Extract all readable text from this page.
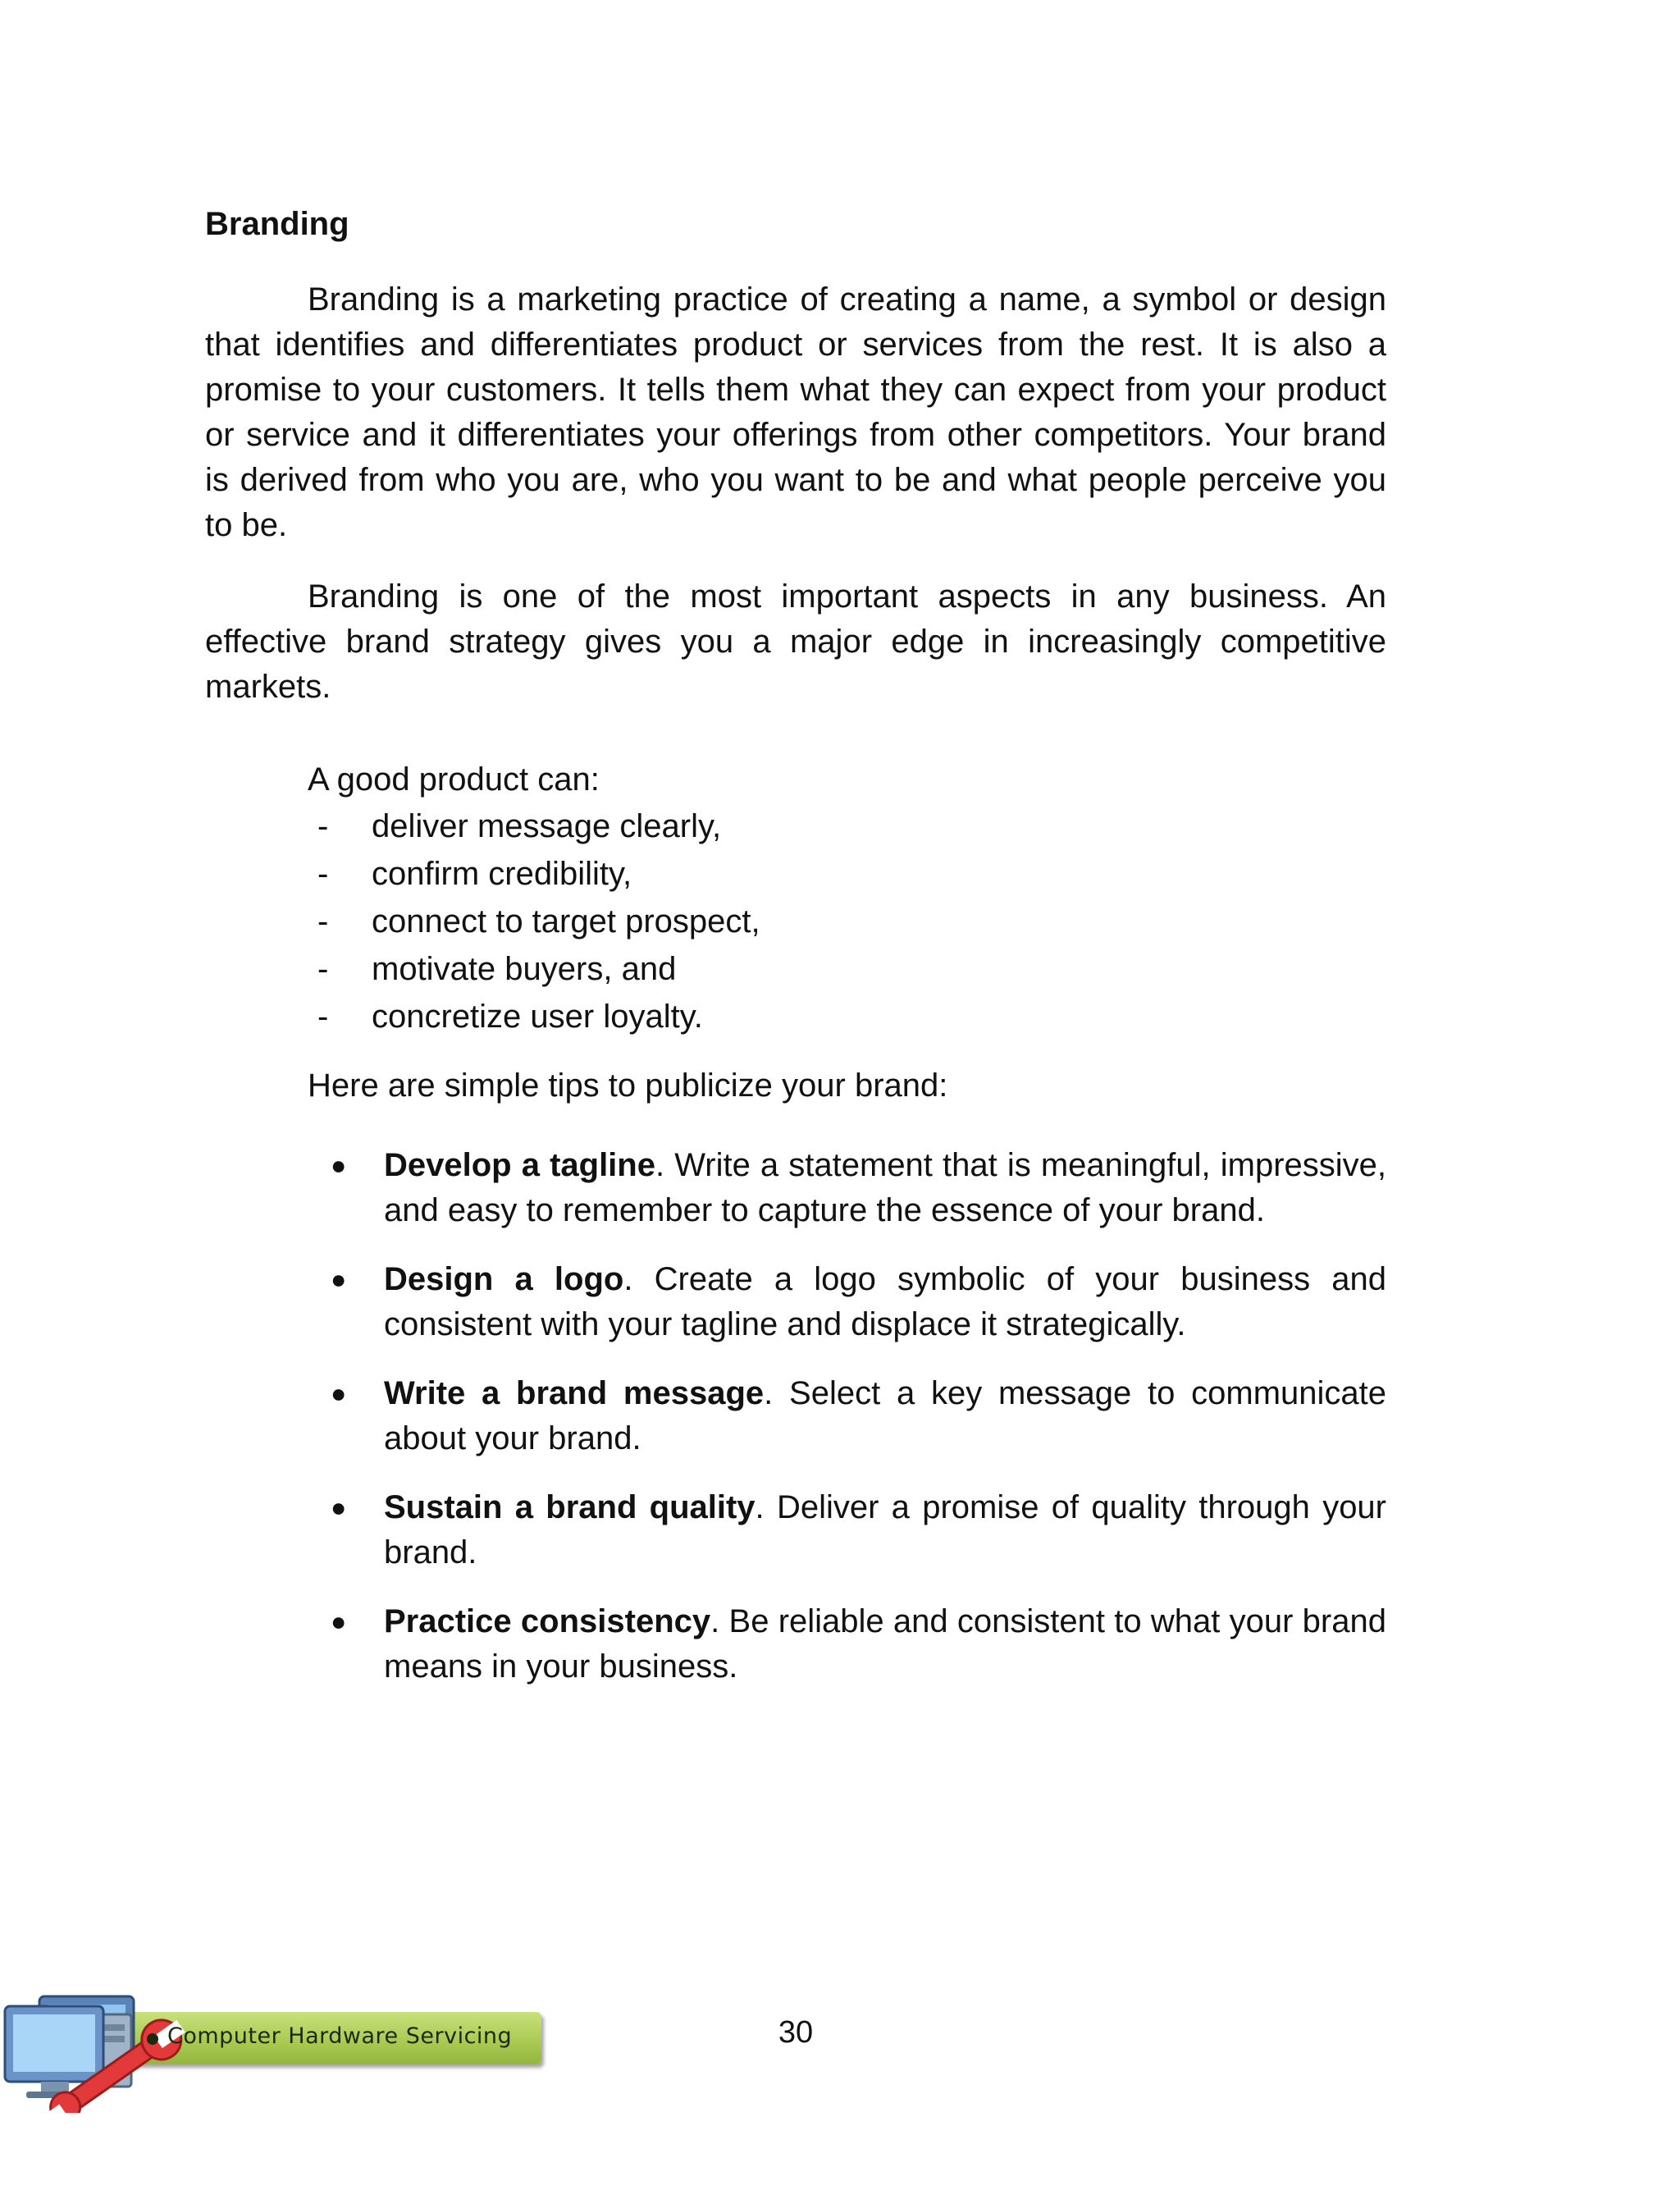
Branding

Branding is a marketing practice of creating a name, a symbol or design that identifies and differentiates product or services from the rest. It is also a promise to your customers. It tells them what they can expect from your product or service and it differentiates your offerings from other competitors. Your brand is derived from who you are, who you want to be and what people perceive you to be.

Branding is one of the most important aspects in any business. An effective brand strategy gives you a major edge in increasingly competitive markets.

A good product can:
- deliver message clearly,
- confirm credibility,
- connect to target prospect,
- motivate buyers, and
- concretize user loyalty.
Here are simple tips to publicize your brand:
● Develop a tagline. Write a statement that is meaningful, impressive, and easy to remember to capture the essence of your brand.
● Design a logo. Create a logo symbolic of your business and consistent with your tagline and displace it strategically.
● Write a brand message. Select a key message to communicate about your brand.
● Sustain a brand quality. Deliver a promise of quality through your brand.
● Practice consistency. Be reliable and consistent to what your brand means in your business.
Computer Hardware Servicing	30
